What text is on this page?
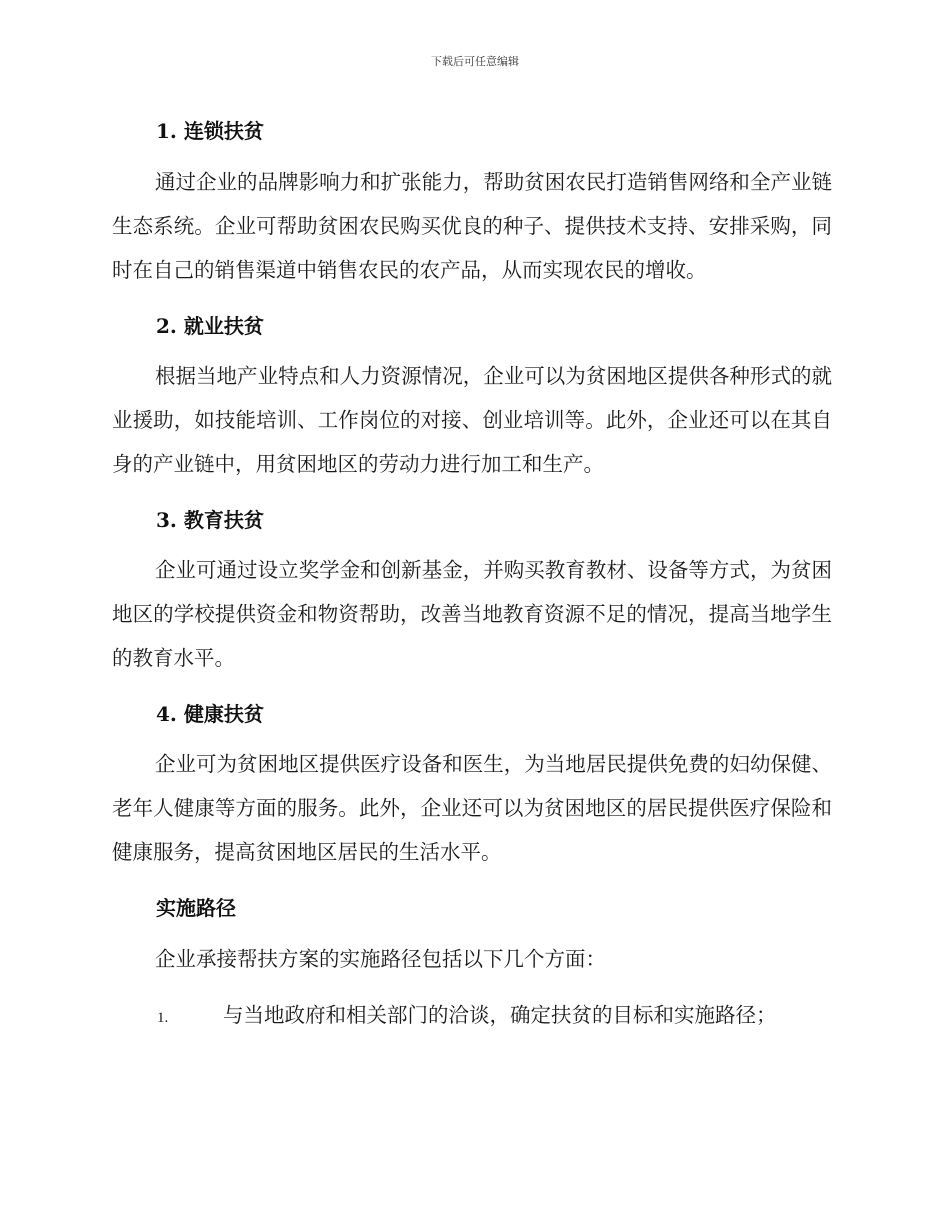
下载后可任意编辑
1. 连锁扶贫
通过企业的品牌影响力和扩张能力，帮助贫困农民打造销售网络和全产业链生态系统。企业可帮助贫困农民购买优良的种子、提供技术支持、安排采购，同时在自己的销售渠道中销售农民的农产品，从而实现农民的增收。
2. 就业扶贫
根据当地产业特点和人力资源情况，企业可以为贫困地区提供各种形式的就业援助，如技能培训、工作岗位的对接、创业培训等。此外，企业还可以在其自身的产业链中，用贫困地区的劳动力进行加工和生产。
3. 教育扶贫
企业可通过设立奖学金和创新基金，并购买教育教材、设备等方式，为贫困地区的学校提供资金和物资帮助，改善当地教育资源不足的情况，提高当地学生的教育水平。
4. 健康扶贫
企业可为贫困地区提供医疗设备和医生，为当地居民提供免费的妇幼保健、老年人健康等方面的服务。此外，企业还可以为贫困地区的居民提供医疗保险和健康服务，提高贫困地区居民的生活水平。
实施路径
企业承接帮扶方案的实施路径包括以下几个方面：
1.	与当地政府和相关部门的洽谈，确定扶贫的目标和实施路径；
